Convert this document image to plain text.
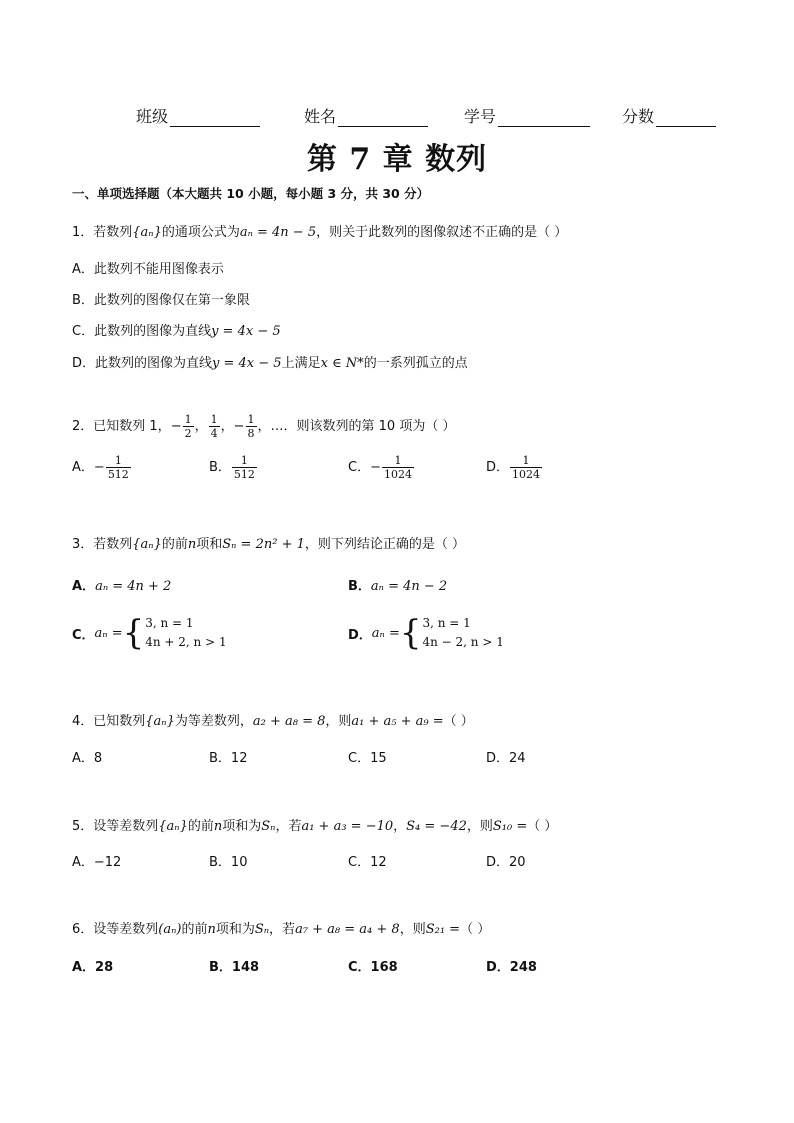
班级	姓名	学号	分数
第 7 章 数列
一、单项选择题（本大题共 10 小题，每小题 3 分，共 30 分）
1．若数列{aₙ}的通项公式为aₙ = 4n − 5，则关于此数列的图像叙述不正确的是（ ）
A．此数列不能用图像表示
B．此数列的图像仅在第一象限
C．此数列的图像为直线y = 4x − 5
D．此数列的图像为直线y = 4x − 5上满足x ∈ N*的一系列孤立的点
2．已知数列 1，− $\frac{1}{2}$ ， $\frac{1}{4}$ ，− $\frac{1}{8}$ ，…．则该数列的第 10 项为（ ）
A．− $\frac{1}{512}$	B． $\frac{1}{512}$	C．− $\frac{1}{1024}$	D． $\frac{1}{1024}$
3．若数列{aₙ}的前n项和Sₙ = 2n² + 1，则下列结论正确的是（ ）
A．aₙ = 4n + 2	B．aₙ = 4n − 2
C． aₙ = { 3, n = 1
4n + 2, n > 1	D． aₙ = { 3, n = 1
4n − 2, n > 1
4．已知数列{aₙ}为等差数列，a₂ + a₈ = 8，则a₁ + a₅ + a₉ =（ ）
A．8	B．12	C．15	D．24
5．设等差数列{aₙ}的前n项和为Sₙ，若a₁ + a₃ = −10，S₄ = −42，则S₁₀ =（ ）
A．−12	B．10	C．12	D．20
6．设等差数列(aₙ)的前n项和为Sₙ，若a₇ + a₈ = a₄ + 8，则S₂₁ =（ ）
A．28	B．148	C．168	D．248
